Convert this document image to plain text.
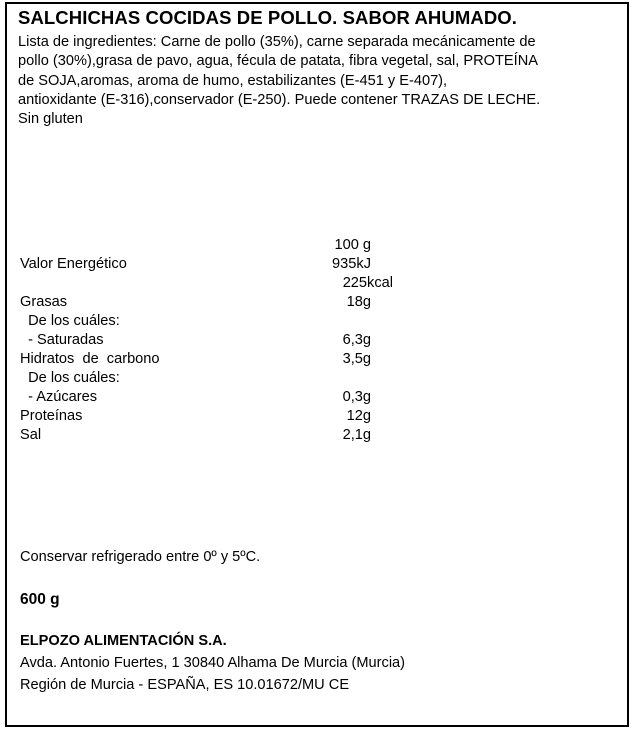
SALCHICHAS COCIDAS DE POLLO. SABOR AHUMADO.
Lista de ingredientes: Carne de pollo (35%), carne separada mecánicamente de
pollo (30%),grasa de pavo, agua, fécula de patata, fibra vegetal, sal, PROTEÍNA
de SOJA,aromas, aroma de humo, estabilizantes (E-451 y E-407),
antioxidante (E-316),conservador (E-250). Puede contener TRAZAS DE LECHE.
Sin gluten
100 g
Valor Energético	935kJ
225kcal
Grasas	18g
De los cuáles:
- Saturadas	6,3g
Hidratos  de  carbono	3,5g
De los cuáles:
- Azúcares	0,3g
Proteínas	12g
Sal	2,1g
Conservar refrigerado entre 0º y 5ºC.
600 g
ELPOZO ALIMENTACIÓN S.A.
Avda. Antonio Fuertes, 1 30840 Alhama De Murcia (Murcia)
Región de Murcia - ESPAÑA, ES 10.01672/MU CE
